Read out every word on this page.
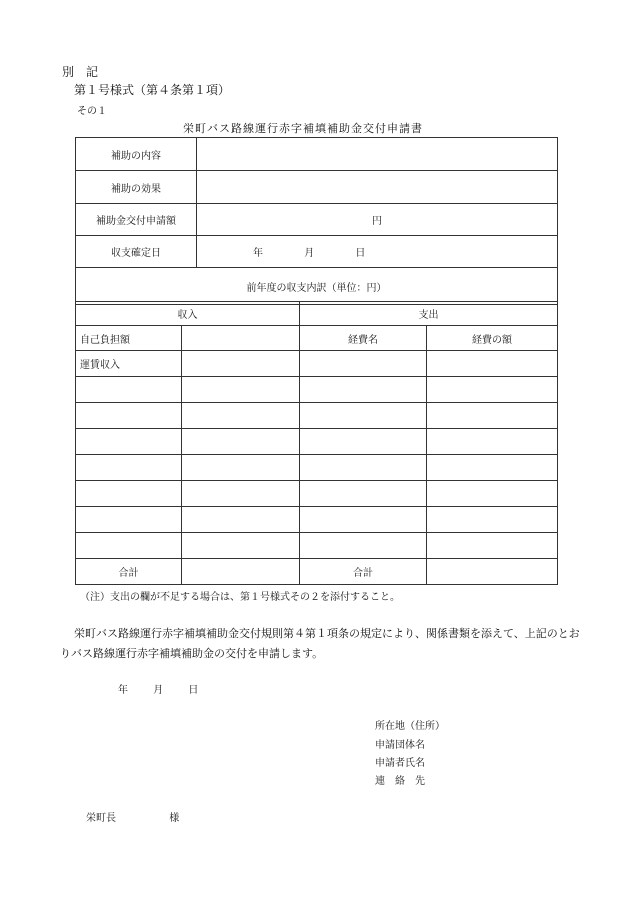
別　記
第１号様式（第４条第１項）
その１
栄町バス路線運行赤字補填補助金交付申請書
補助の内容	
補助の効果	
補助金交付申請額	円
収支確定日	年 月 日
前年度の収支内訳（単位：円）	
収入		支出	
自己負担額		経費名	経費の額
運賃収入			

合計		合計	
（注）支出の欄が不足する場合は、第１号様式その２を添付すること。
栄町バス路線運行赤字補填補助金交付規則第４第１項条の規定により、関係書類を添えて、上記のとおりバス路線運行赤字補填補助金の交付を申請します。
年	月	日
所在地（住所）
申請団体名
申請者氏名
連　絡　先
栄町長	様
